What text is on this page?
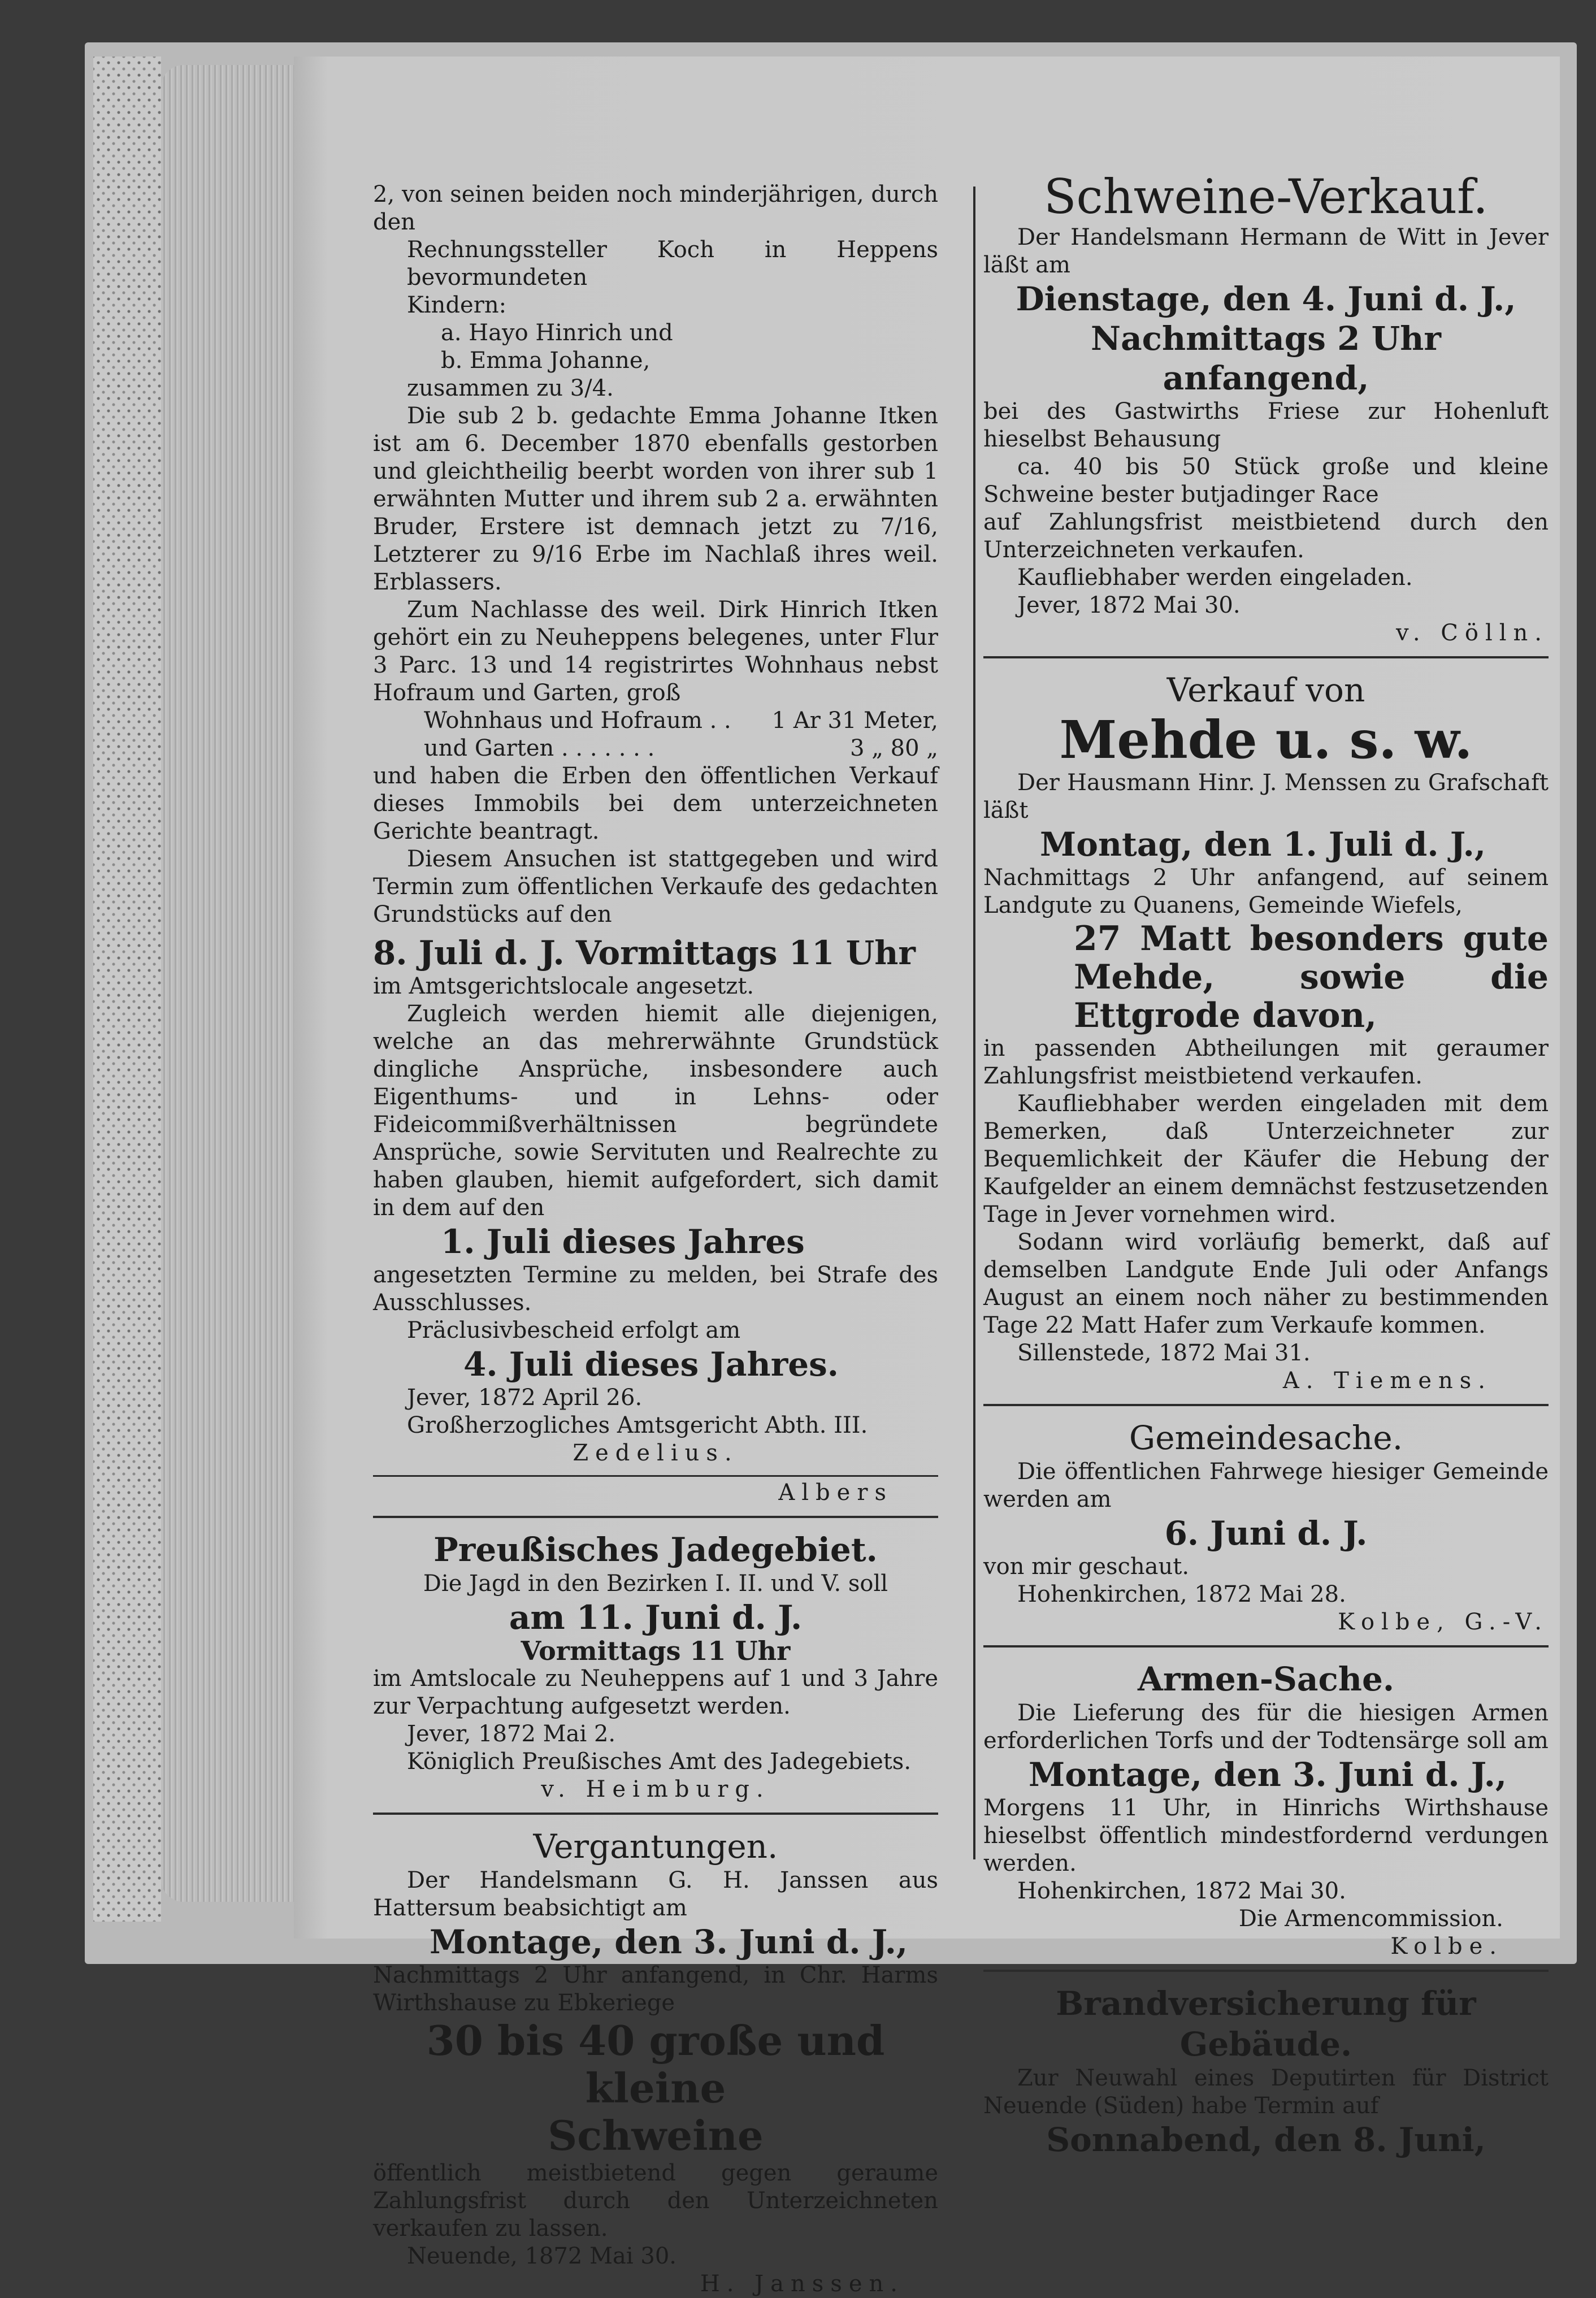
2, von seinen beiden noch minderjährigen, durch den

Rechnungssteller Koch in Heppens bevormundeten

Kindern:

a. Hayo Hinrich und

b. Emma Johanne,

zusammen zu 3/4.

Die sub 2 b. gedachte Emma Johanne Itken ist am 6. December 1870 ebenfalls gestorben und gleichtheilig beerbt worden von ihrer sub 1 erwähnten Mutter und ihrem sub 2 a. erwähnten Bruder, Erstere ist demnach jetzt zu 7/16, Letzterer zu 9/16 Erbe im Nachlaß ihres weil. Erblassers.

Zum Nachlasse des weil. Dirk Hinrich Itken gehört ein zu Neuheppens belegenes, unter Flur 3 Parc. 13 und 14 registrirtes Wohnhaus nebst Hofraum und Garten, groß

Wohnhaus und Hofraum . . 1 Ar 31 Meter,
und Garten . . . . . . .	3 „ 80 „

und haben die Erben den öffentlichen Verkauf dieses Immobils bei dem unterzeichneten Gerichte beantragt.

Diesem Ansuchen ist stattgegeben und wird Termin zum öffentlichen Verkaufe des gedachten Grundstücks auf den

8. Juli d. J. Vormittags 11 Uhr

im Amtsgerichtslocale angesetzt.

Zugleich werden hiemit alle diejenigen, welche an das mehrerwähnte Grundstück dingliche Ansprüche, insbesondere auch Eigenthums- und in Lehns- oder Fideicommißverhältnissen begründete Ansprüche, sowie Servituten und Realrechte zu haben glauben, hiemit aufgefordert, sich damit in dem auf den

1. Juli dieses Jahres

angesetzten Termine zu melden, bei Strafe des Ausschlusses.

Präclusivbescheid erfolgt am

4. Juli dieses Jahres.

Jever, 1872 April 26.

Großherzogliches Amtsgericht Abth. III.

Zedelius.

Albers

Preußisches Jadegebiet.

Die Jagd in den Bezirken I. II. und V. soll

am 11. Juni d. J.

Vormittags 11 Uhr

im Amtslocale zu Neuheppens auf 1 und 3 Jahre zur Verpachtung aufgesetzt werden.

Jever, 1872 Mai 2.

Königlich Preußisches Amt des Jadegebiets.

v. Heimburg.

Vergantungen.

Der Handelsmann G. H. Janssen aus Hattersum beabsichtigt am

Montage, den 3. Juni d. J.,

Nachmittags 2 Uhr anfangend, in Chr. Harms Wirthshause zu Ebkeriege

30 bis 40 große und kleine

Schweine

öffentlich meistbietend gegen geraume Zahlungsfrist durch den Unterzeichneten verkaufen zu lassen.

Neuende, 1872 Mai 30.

H. Janssen.

Schweine-Verkauf.

Der Handelsmann Hermann de Witt in Jever läßt am

Dienstage, den 4. Juni d. J.,

Nachmittags 2 Uhr anfangend,

bei des Gastwirths Friese zur Hohenluft hieselbst Behausung

ca. 40 bis 50 Stück große und kleine Schweine bester butjadinger Race

auf Zahlungsfrist meistbietend durch den Unterzeichneten verkaufen.

Kaufliebhaber werden eingeladen.

Jever, 1872 Mai 30.

v. Cölln.

Verkauf von

Mehde u. s. w.

Der Hausmann Hinr. J. Menssen zu Grafschaft läßt

Montag, den 1. Juli d. J.,

Nachmittags 2 Uhr anfangend, auf seinem Landgute zu Quanens, Gemeinde Wiefels,

27 Matt besonders gute Mehde, sowie die Ettgrode davon,

in passenden Abtheilungen mit geraumer Zahlungsfrist meistbietend verkaufen.

Kaufliebhaber werden eingeladen mit dem Bemerken, daß Unterzeichneter zur Bequemlichkeit der Käufer die Hebung der Kaufgelder an einem demnächst festzusetzenden Tage in Jever vornehmen wird.

Sodann wird vorläufig bemerkt, daß auf demselben Landgute Ende Juli oder Anfangs August an einem noch näher zu bestimmenden Tage 22 Matt Hafer zum Verkaufe kommen.

Sillenstede, 1872 Mai 31.

A. Tiemens.

Gemeindesache.

Die öffentlichen Fahrwege hiesiger Gemeinde werden am

6. Juni d. J.

von mir geschaut.

Hohenkirchen, 1872 Mai 28.

Kolbe, G.-V.

Armen-Sache.

Die Lieferung des für die hiesigen Armen erforderlichen Torfs und der Todtensärge soll am

Montage, den 3. Juni d. J.,

Morgens 11 Uhr, in Hinrichs Wirthshause hieselbst öffentlich mindestfordernd verdungen werden.

Hohenkirchen, 1872 Mai 30.

Die Armencommission.

Kolbe.

Brandversicherung für Gebäude.

Zur Neuwahl eines Deputirten für District Neuende (Süden) habe Termin auf

Sonnabend, den 8. Juni,
